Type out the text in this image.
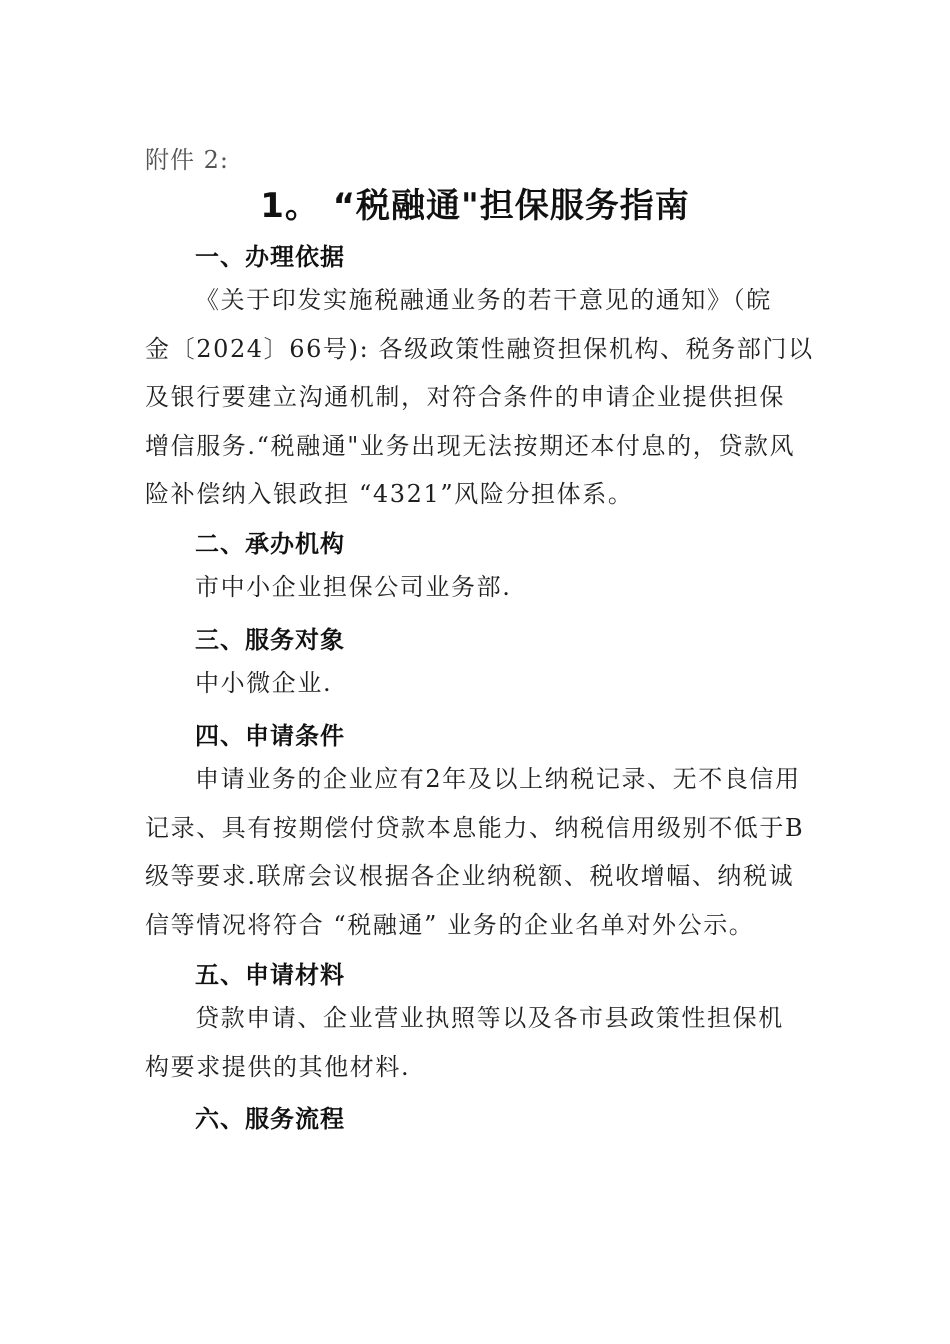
附件 2:
1。 “税融通"担保服务指南
一、办理依据
《关于印发实施税融通业务的若干意见的通知》（皖
金〔2024〕66号): 各级政策性融资担保机构、税务部门以
及银行要建立沟通机制，对符合条件的申请企业提供担保
增信服务.“税融通"业务出现无法按期还本付息的，贷款风
险补偿纳入银政担 “4321”风险分担体系。
二、承办机构
市中小企业担保公司业务部.
三、服务对象
中小微企业.
四、申请条件
申请业务的企业应有2年及以上纳税记录、无不良信用
记录、具有按期偿付贷款本息能力、纳税信用级别不低于B
级等要求.联席会议根据各企业纳税额、税收增幅、纳税诚
信等情况将符合 “税融通” 业务的企业名单对外公示。
五、申请材料
贷款申请、企业营业执照等以及各市县政策性担保机
构要求提供的其他材料.
六、服务流程
